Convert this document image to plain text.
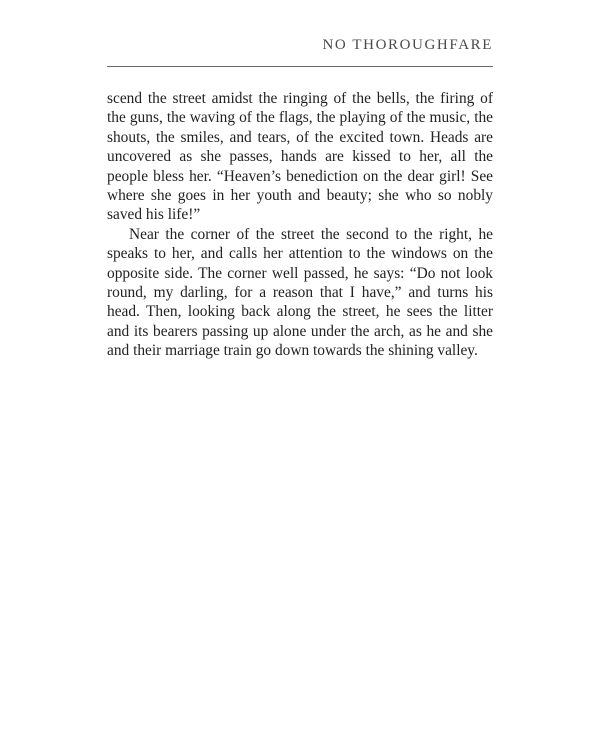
NO THOROUGHFARE

scend the street amidst the ringing of the bells, the firing of the guns, the waving of the flags, the playing of the music, the shouts, the smiles, and tears, of the excited town. Heads are uncovered as she passes, hands are kissed to her, all the people bless her. “Heaven’s benediction on the dear girl! See where she goes in her youth and beauty; she who so nobly saved his life!”

Near the corner of the street the second to the right, he speaks to her, and calls her attention to the windows on the opposite side. The corner well passed, he says: “Do not look round, my darling, for a reason that I have,” and turns his head. Then, looking back along the street, he sees the litter and its bearers passing up alone under the arch, as he and she and their marriage train go down towards the shining valley.
